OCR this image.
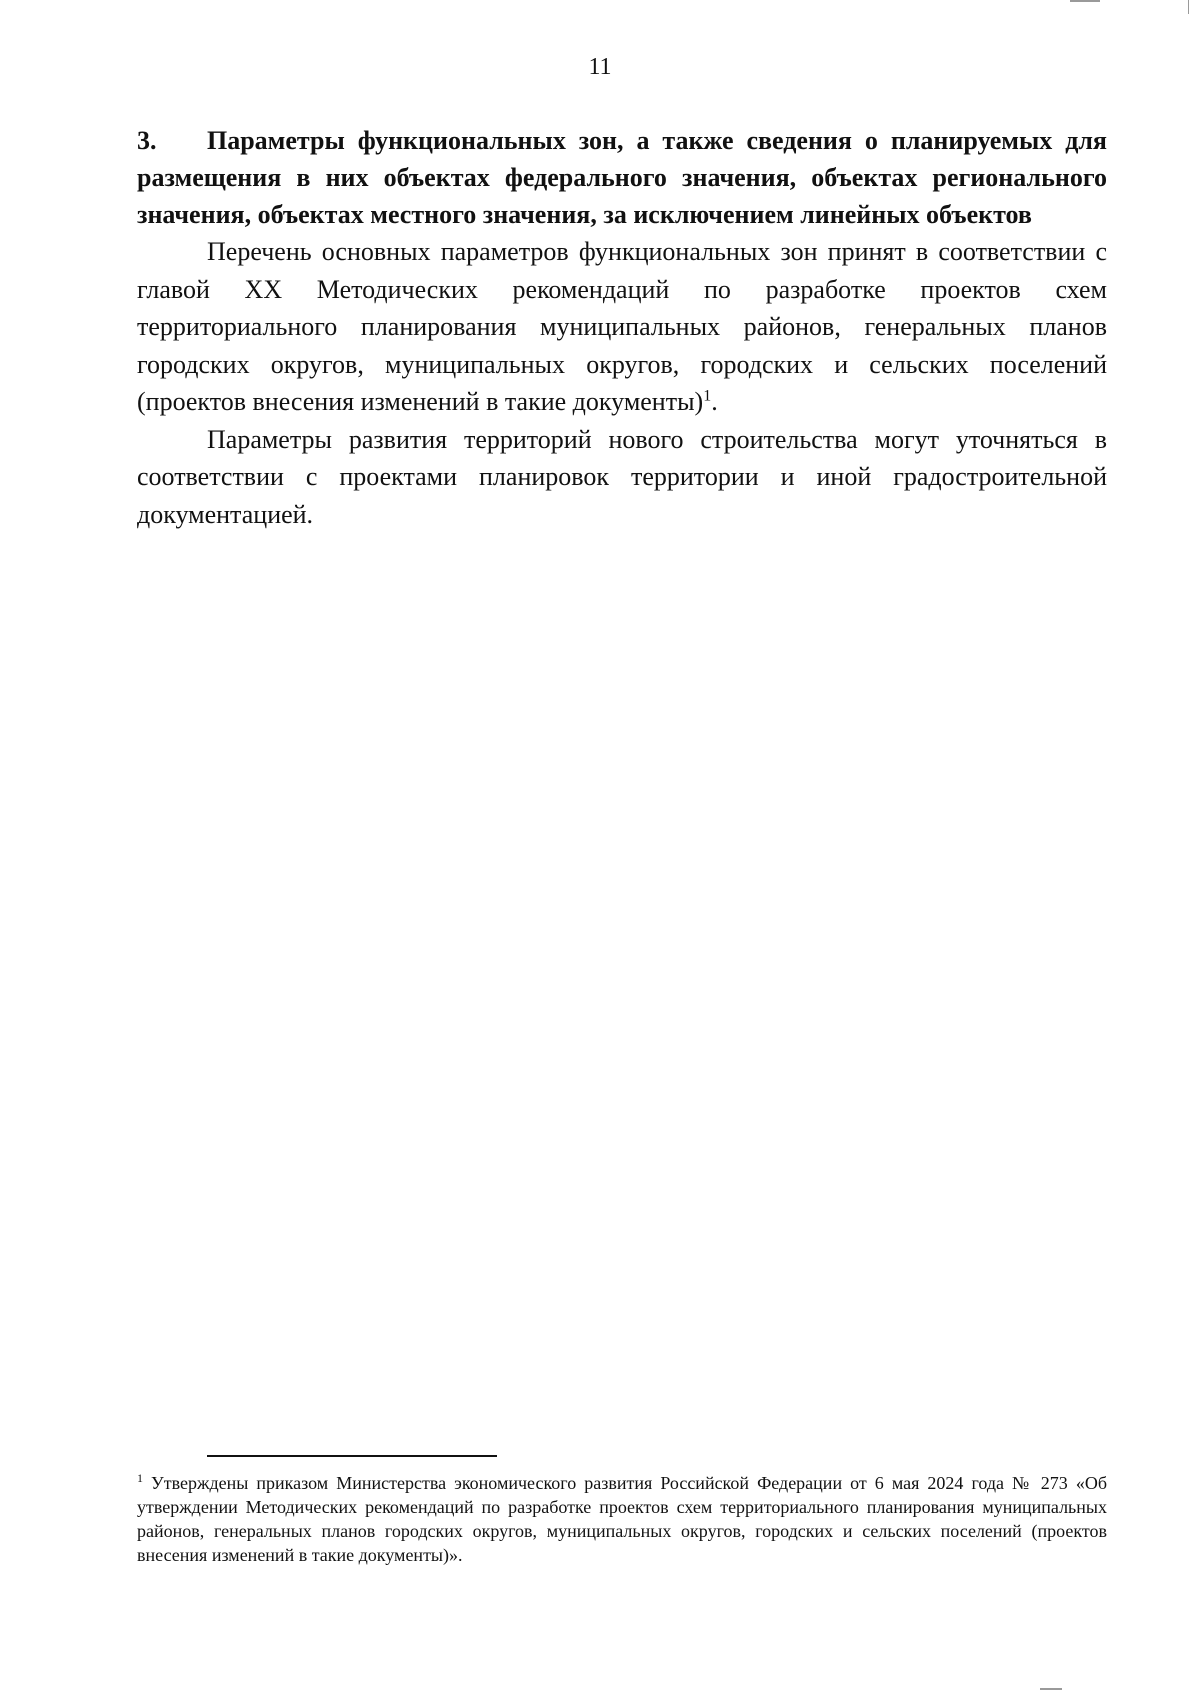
11

3. Параметры функциональных зон, а также сведения о планируемых для размещения в них объектах федерального значения, объектах регионального значения, объектах местного значения, за исключением линейных объектов

Перечень основных параметров функциональных зон принят в соответствии с главой XX Методических рекомендаций по разработке проектов схем территориального планирования муниципальных районов, генеральных планов городских округов, муниципальных округов, городских и сельских поселений (проектов внесения изменений в такие документы)$^1$.

Параметры развития территорий нового строительства могут уточняться в соответствии с проектами планировок территории и иной градостроительной документацией.

$^1$ Утверждены приказом Министерства экономического развития Российской Федерации от 6 мая 2024 года № 273 «Об утверждении Методических рекомендаций по разработке проектов схем территориального планирования муниципальных районов, генеральных планов городских округов, муниципальных округов, городских и сельских поселений (проектов внесения изменений в такие документы)».
